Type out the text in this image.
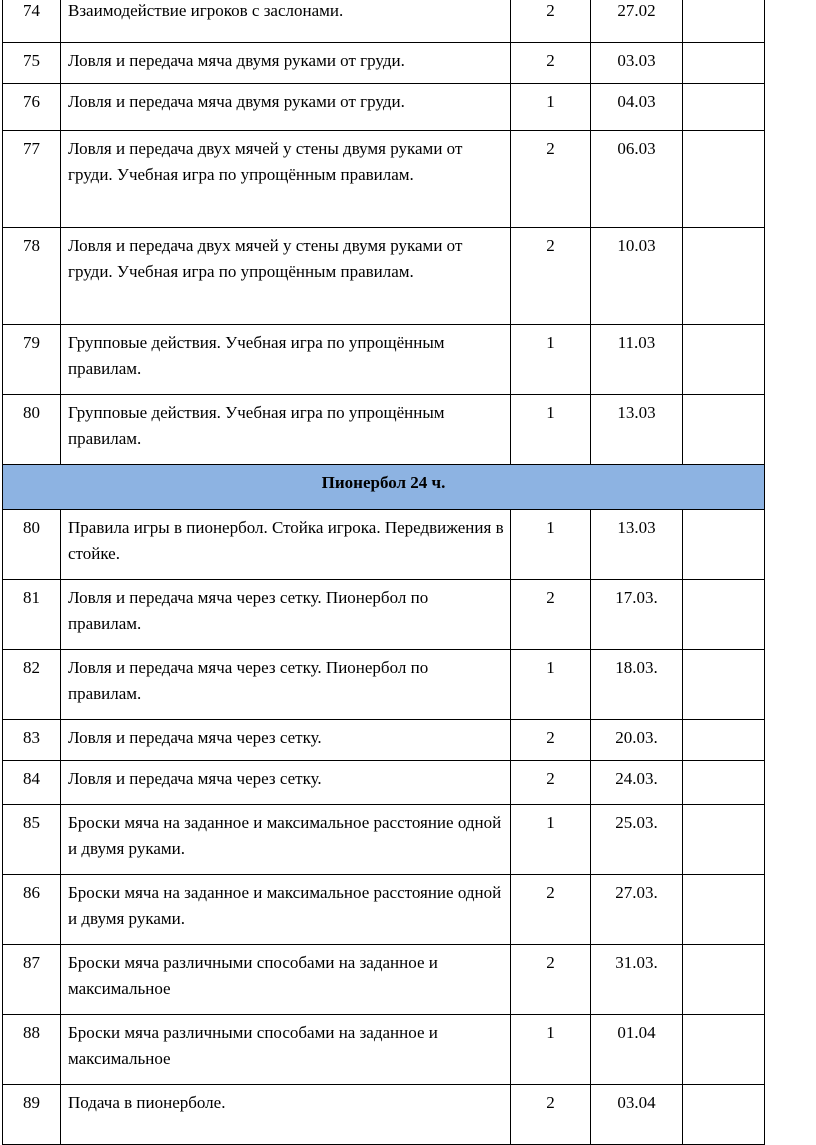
74	Взаимодействие игроков с заслонами.	2	27.02	
75	Ловля и передача мяча двумя руками от груди.	2	03.03	
76	Ловля и передача мяча двумя руками от груди.	1	04.03	
77	Ловля и передача двух мячей у стены двумя руками от груди. Учебная игра по упрощённым правилам.	2	06.03	
78	Ловля и передача двух мячей у стены двумя руками от груди. Учебная игра по упрощённым правилам.	2	10.03	
79	Групповые действия. Учебная игра по упрощённым правилам.	1	11.03	
80	Групповые действия. Учебная игра по упрощённым правилам.	1	13.03	
Пионербол 24 ч.				
80	Правила игры в пионербол. Стойка игрока. Передвижения в стойке.	1	13.03	
81	Ловля и передача мяча через сетку. Пионербол по правилам.	2	17.03.	
82	Ловля и передача мяча через сетку. Пионербол по правилам.	1	18.03.	
83	Ловля и передача мяча через сетку.	2	20.03.	
84	Ловля и передача мяча через сетку.	2	24.03.	
85	Броски мяча на заданное и максимальное расстояние одной и двумя руками.	1	25.03.	
86	Броски мяча на заданное и максимальное расстояние одной и двумя руками.	2	27.03.	
87	Броски мяча различными способами на заданное и максимальное	2	31.03.	
88	Броски мяча различными способами на заданное и максимальное	1	01.04	
89	Подача в пионерболе.	2	03.04	
